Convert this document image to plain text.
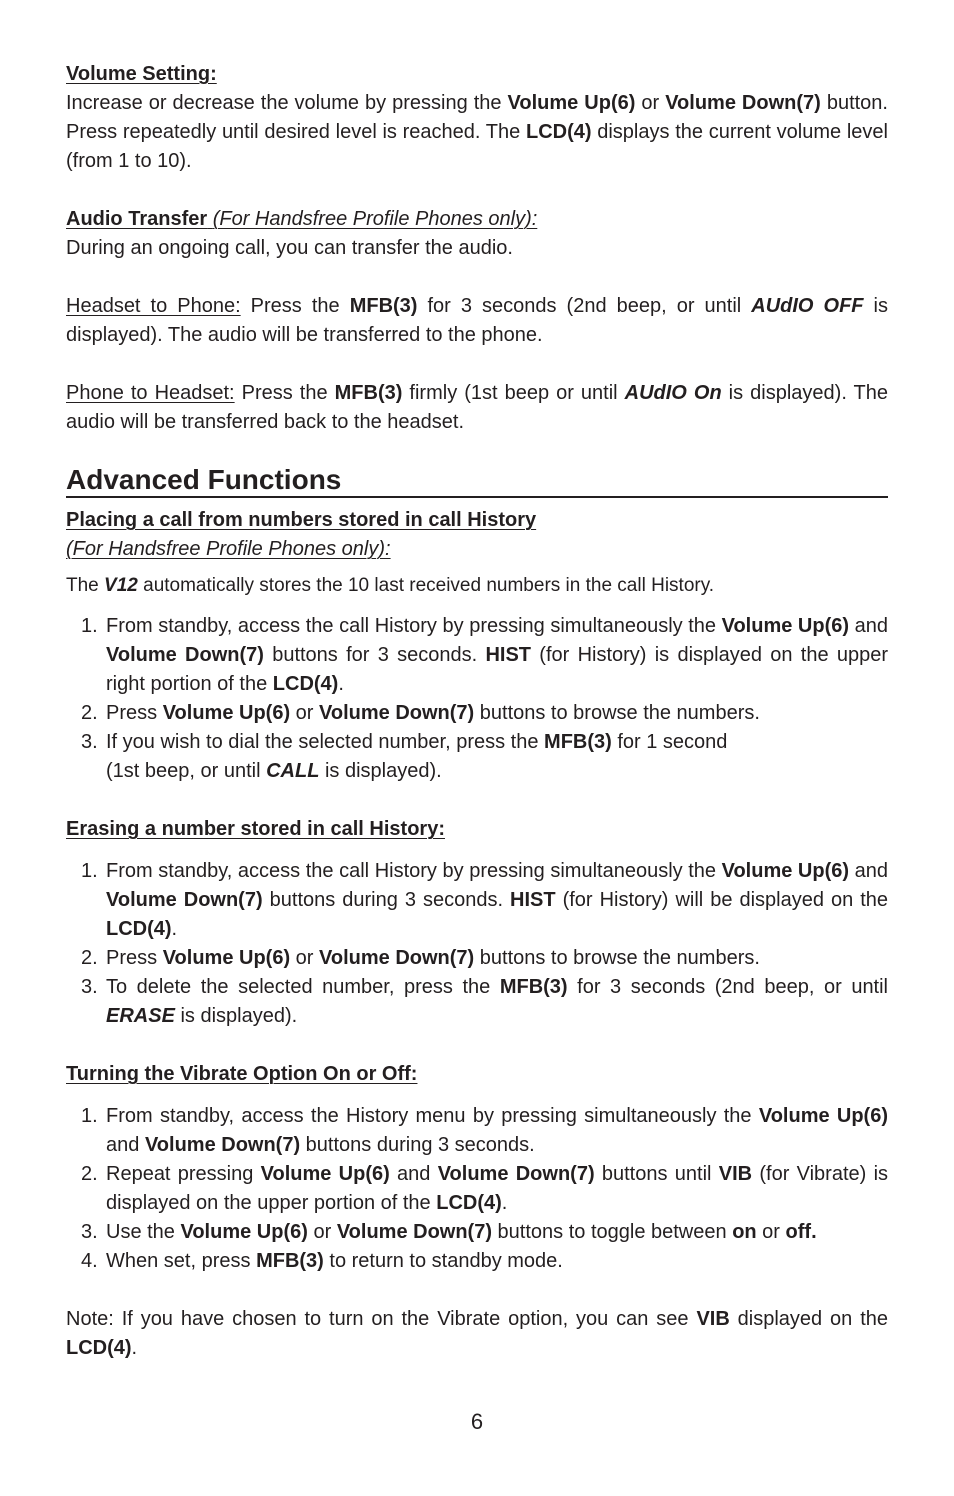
Volume Setting:

Increase or decrease the volume by pressing the Volume Up(6) or Volume Down(7) button. Press repeatedly until desired level is reached. The LCD(4) displays the current volume level (from 1 to 10).

Audio Transfer (For Handsfree Profile Phones only):

During an ongoing call, you can transfer the audio.

Headset to Phone: Press the MFB(3) for 3 seconds (2nd beep, or until AUdIO OFF is displayed). The audio will be transferred to the phone.

Phone to Headset: Press the MFB(3) firmly (1st beep or until AUdIO On is displayed). The audio will be transferred back to the headset.

Advanced Functions
Placing a call from numbers stored in call History
(For Handsfree Profile Phones only):

The V12 automatically stores the 10 last received numbers in the call History.

1. From standby, access the call History by pressing simultaneously the Volume Up(6) and Volume Down(7) buttons for 3 seconds. HIST (for History) is displayed on the upper right portion of the LCD(4).
2. Press Volume Up(6) or Volume Down(7) buttons to browse the numbers.
3. If you wish to dial the selected number, press the MFB(3) for 1 second
(1st beep, or until CALL is displayed).
Erasing a number stored in call History:
1. From standby, access the call History by pressing simultaneously the Volume Up(6) and Volume Down(7) buttons during 3 seconds. HIST (for History) will be displayed on the LCD(4).
2. Press Volume Up(6) or Volume Down(7) buttons to browse the numbers.
3. To delete the selected number, press the MFB(3) for 3 seconds (2nd beep, or until ERASE is displayed).
Turning the Vibrate Option On or Off:
1. From standby, access the History menu by pressing simultaneously the Volume Up(6) and Volume Down(7) buttons during 3 seconds.
2. Repeat pressing Volume Up(6) and Volume Down(7) buttons until VIB (for Vibrate) is displayed on the upper portion of the LCD(4).
3. Use the Volume Up(6) or Volume Down(7) buttons to toggle between on or off.
4. When set, press MFB(3) to return to standby mode.

Note: If you have chosen to turn on the Vibrate option, you can see VIB displayed on the LCD(4).

6
